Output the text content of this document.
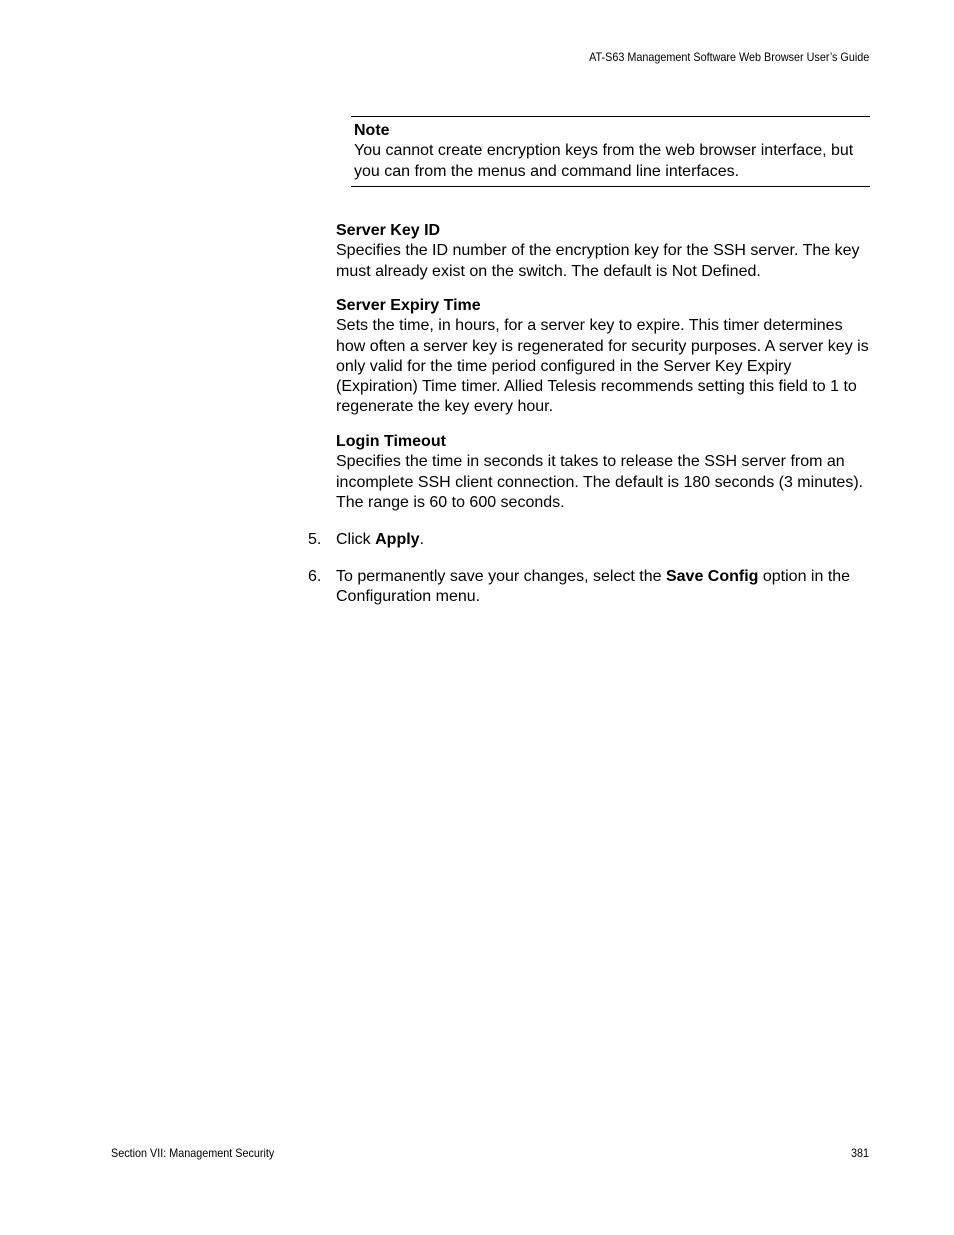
AT-S63 Management Software Web Browser User’s Guide
Note
You cannot create encryption keys from the web browser interface, but you can from the menus and command line interfaces.
Server Key ID
Specifies the ID number of the encryption key for the SSH server. The key must already exist on the switch. The default is Not Defined.
Server Expiry Time
Sets the time, in hours, for a server key to expire. This timer determines how often a server key is regenerated for security purposes. A server key is only valid for the time period configured in the Server Key Expiry (Expiration) Time timer. Allied Telesis recommends setting this field to 1 to regenerate the key every hour.
Login Timeout
Specifies the time in seconds it takes to release the SSH server from an incomplete SSH client connection. The default is 180 seconds (3 minutes). The range is 60 to 600 seconds.
5. Click Apply.
6. To permanently save your changes, select the Save Config option in the Configuration menu.
Section VII: Management Security	381
